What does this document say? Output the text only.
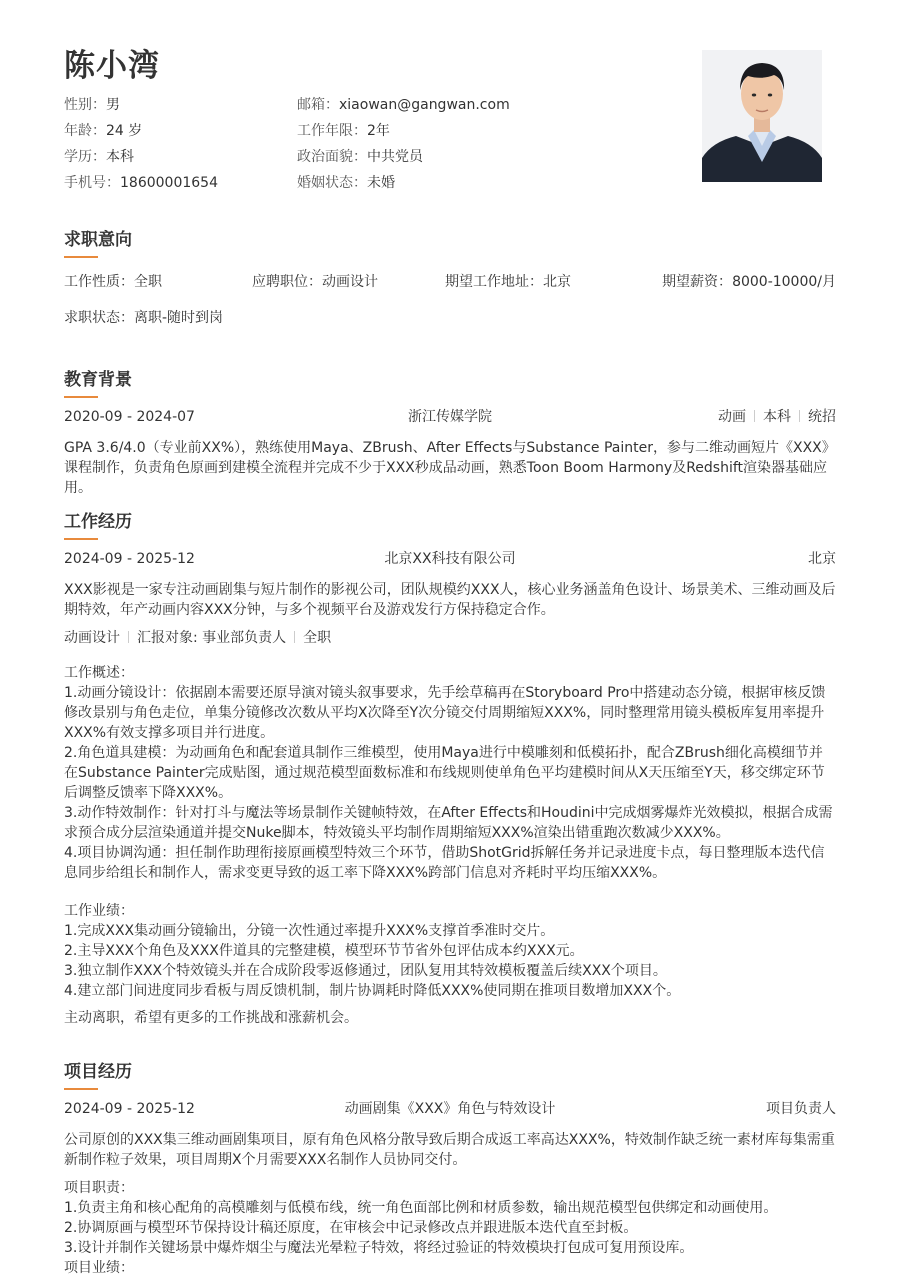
陈小湾
性别：男	邮箱：xiaowan@gangwan.com
年龄：24 岁	工作年限：2年
学历：本科	政治面貌：中共党员
手机号：18600001654	婚姻状态：未婚
求职意向
工作性质：全职	应聘职位：动画设计	期望工作地址：北京	期望薪资：8000-10000/月
求职状态：离职-随时到岗
教育背景
2020-09 - 2024-07	浙江传媒学院	动画 本科 统招
GPA 3.6/4.0（专业前XX%），熟练使用Maya、ZBrush、After Effects与Substance Painter，参与二维动画短片《XXX》课程制作，负责角色原画到建模全流程并完成不少于XXX秒成品动画，熟悉Toon Boom Harmony及Redshift渲染器基础应用。
工作经历
2024-09 - 2025-12	北京XX科技有限公司	北京
XXX影视是一家专注动画剧集与短片制作的影视公司，团队规模约XXX人，核心业务涵盖角色设计、场景美术、三维动画及后期特效，年产动画内容XXX分钟，与多个视频平台及游戏发行方保持稳定合作。
动画设计 汇报对象: 事业部负责人 全职
工作概述：
1.动画分镜设计：依据剧本需要还原导演对镜头叙事要求，先手绘草稿再在Storyboard Pro中搭建动态分镜，根据审核反馈修改景别与角色走位，单集分镜修改次数从平均X次降至Y次分镜交付周期缩短XXX%，同时整理常用镜头模板库复用率提升XXX%有效支撑多项目并行进度。
2.角色道具建模：为动画角色和配套道具制作三维模型，使用Maya进行中模雕刻和低模拓扑，配合ZBrush细化高模细节并在Substance Painter完成贴图，通过规范模型面数标准和布线规则使单角色平均建模时间从X天压缩至Y天，移交绑定环节后调整反馈率下降XXX%。
3.动作特效制作：针对打斗与魔法等场景制作关键帧特效，在After Effects和Houdini中完成烟雾爆炸光效模拟，根据合成需求预合成分层渲染通道并提交Nuke脚本，特效镜头平均制作周期缩短XXX%渲染出错重跑次数减少XXX%。
4.项目协调沟通：担任制作助理衔接原画模型特效三个环节，借助ShotGrid拆解任务并记录进度卡点，每日整理版本迭代信息同步给组长和制作人，需求变更导致的返工率下降XXX%跨部门信息对齐耗时平均压缩XXX%。
工作业绩：
1.完成XXX集动画分镜输出，分镜一次性通过率提升XXX%支撑首季准时交片。
2.主导XXX个角色及XXX件道具的完整建模，模型环节节省外包评估成本约XXX元。
3.独立制作XXX个特效镜头并在合成阶段零返修通过，团队复用其特效模板覆盖后续XXX个项目。
4.建立部门间进度同步看板与周反馈机制，制片协调耗时降低XXX%使同期在推项目数增加XXX个。
主动离职，希望有更多的工作挑战和涨薪机会。
项目经历
2024-09 - 2025-12	动画剧集《XXX》角色与特效设计	项目负责人
公司原创的XXX集三维动画剧集项目，原有角色风格分散导致后期合成返工率高达XXX%，特效制作缺乏统一素材库每集需重新制作粒子效果，项目周期X个月需要XXX名制作人员协同交付。
项目职责：
1.负责主角和核心配角的高模雕刻与低模布线，统一角色面部比例和材质参数，输出规范模型包供绑定和动画使用。
2.协调原画与模型环节保持设计稿还原度，在审核会中记录修改点并跟进版本迭代直至封板。
3.设计并制作关键场景中爆炸烟尘与魔法光晕粒子特效，将经过验证的特效模块打包成可复用预设库。
项目业绩：
